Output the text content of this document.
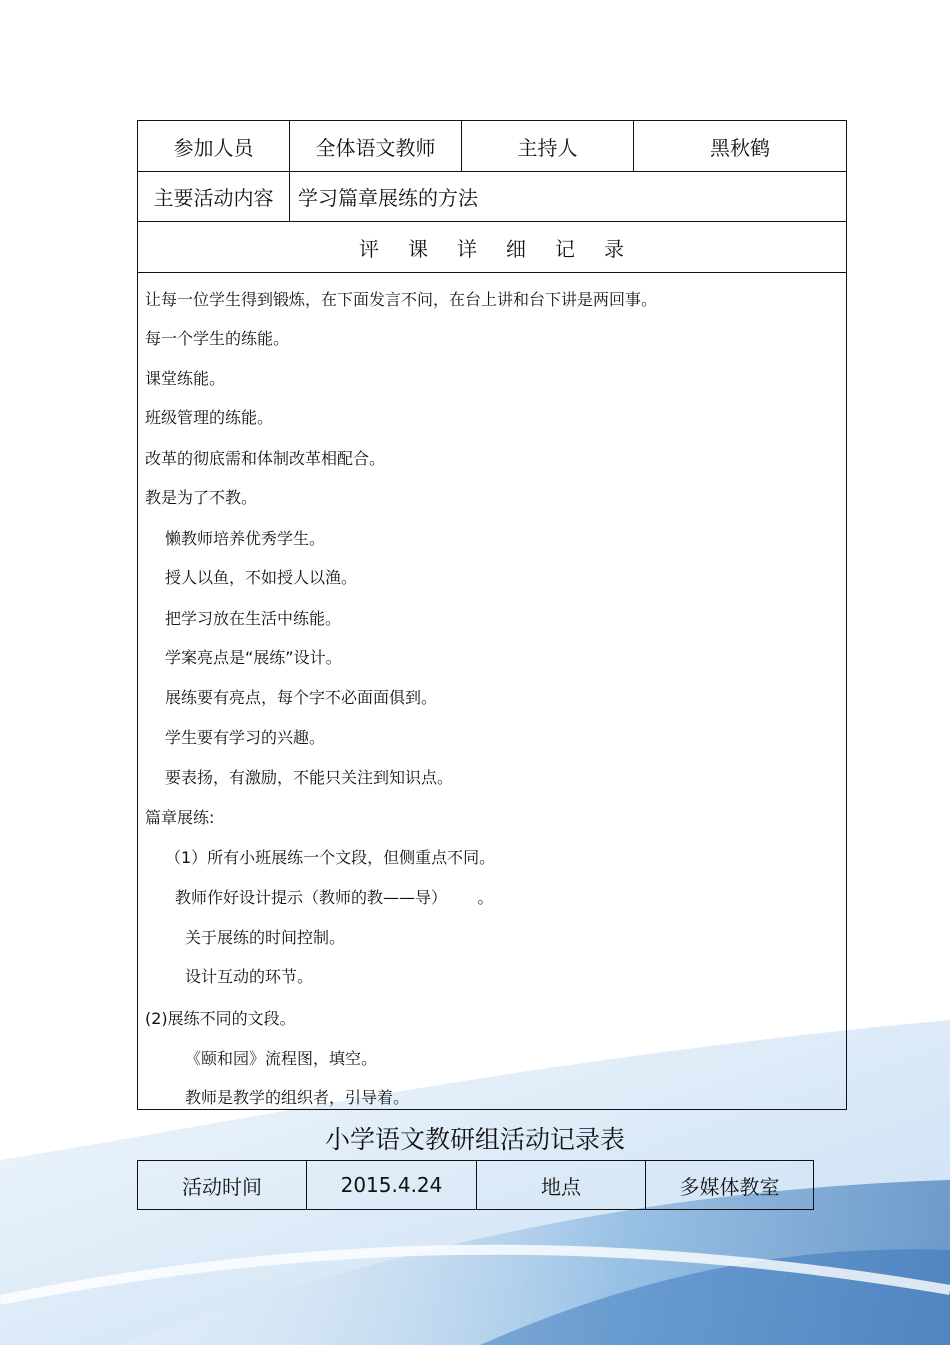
参加人员	全体语文教师	主持人	黑秋鹤
主要活动内容	学习篇章展练的方法
评 课 详 细 记 录
让每一位学生得到锻炼，在下面发言不问，在台上讲和台下讲是两回事。
每一个学生的练能。
课堂练能。
班级管理的练能。
改革的彻底需和体制改革相配合。
教是为了不教。
懒教师培养优秀学生。
授人以鱼，不如授人以渔。
把学习放在生活中练能。
学案亮点是“展练”设计。
展练要有亮点，每个字不必面面俱到。
学生要有学习的兴趣。
要表扬，有激励，不能只关注到知识点。
篇章展练:
（1）所有小班展练一个文段，但侧重点不同。
教师作好设计提示（教师的教——导）      。
关于展练的时间控制。
设计互动的环节。
(2)展练不同的文段。
《颐和园》流程图，填空。
教师是教学的组织者，引导着。
小学语文教研组活动记录表
活动时间	2015.4.24	地点	多媒体教室
